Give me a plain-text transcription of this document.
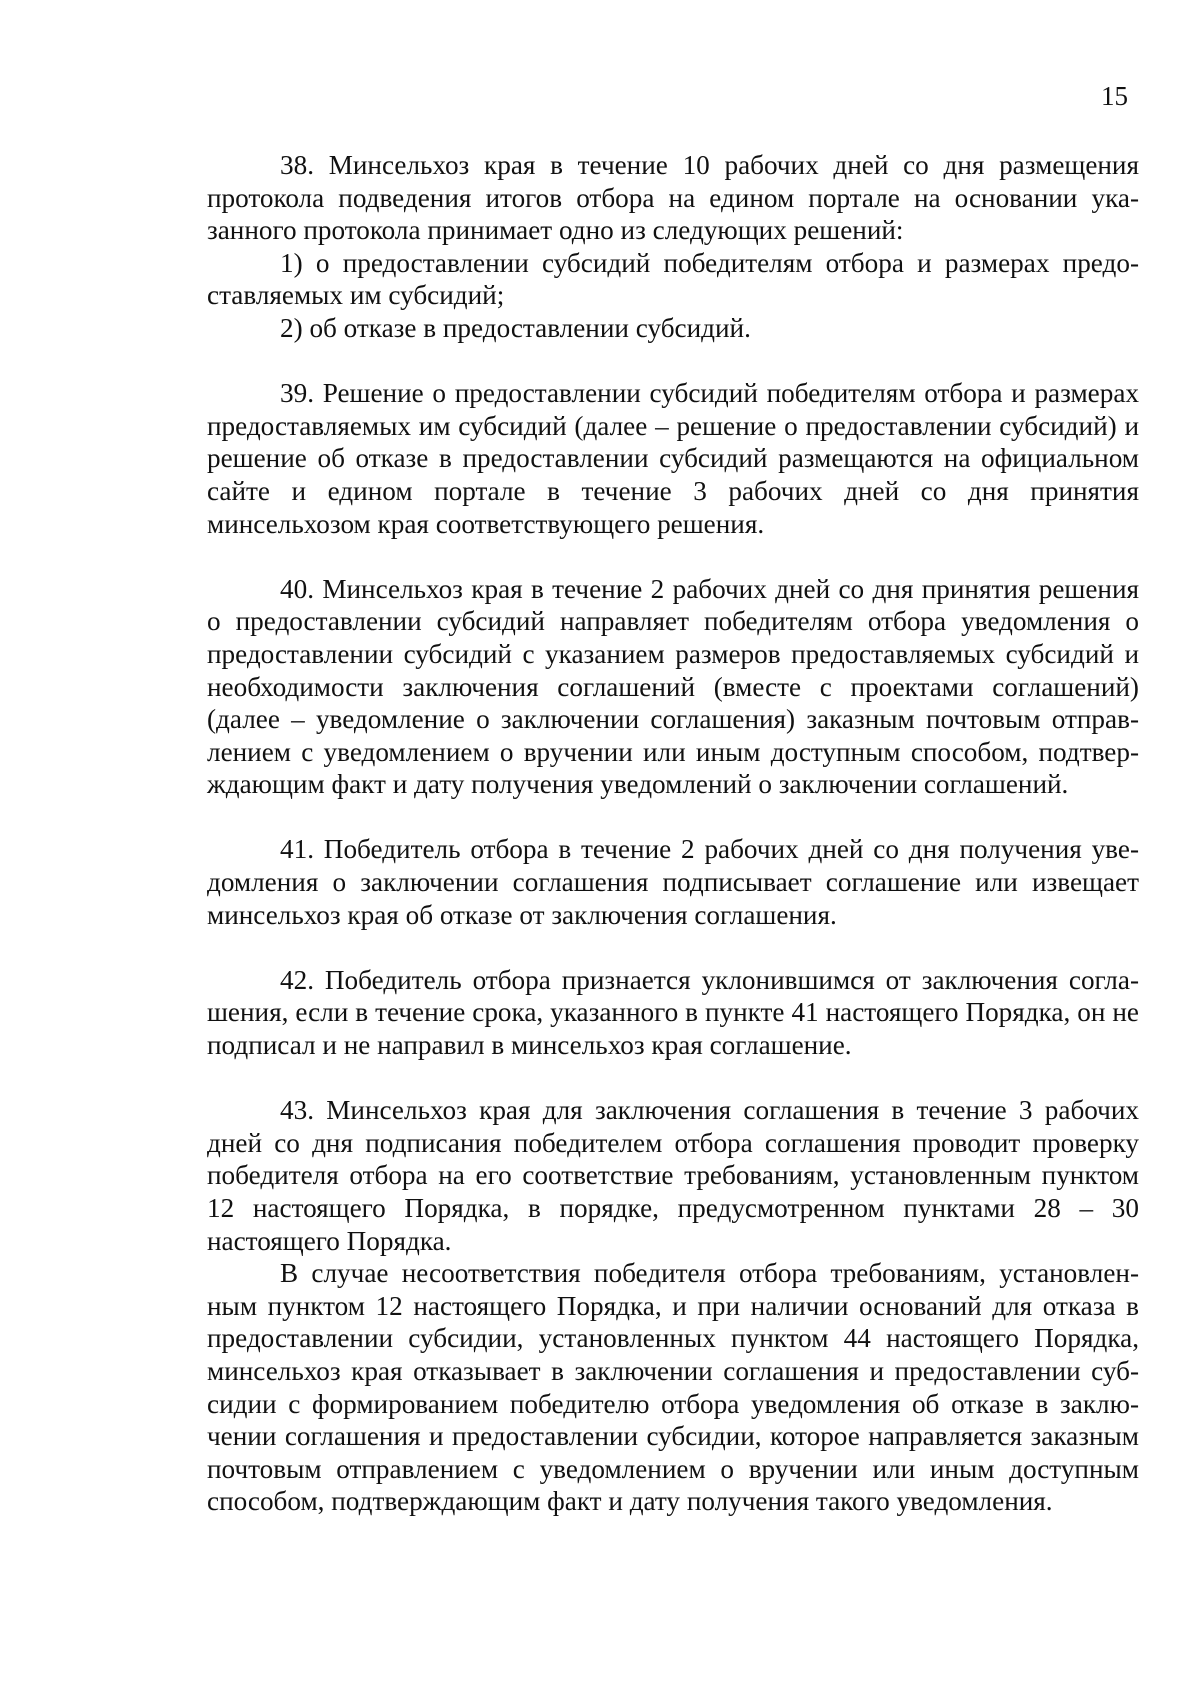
15

38. Минсельхоз края в течение 10 рабочих дней со дня размещения протокола подведения итогов отбора на едином портале на основании указанного протокола принимает одно из следующих решений:

1) о предоставлении субсидий победителям отбора и размерах предоставляемых им субсидий;

2) об отказе в предоставлении субсидий.

39. Решение о предоставлении субсидий победителям отбора и размерах предоставляемых им субсидий (далее – решение о предоставлении субсидий) и решение об отказе в предоставлении субсидий размещаются на официальном сайте и едином портале в течение 3 рабочих дней со дня принятия минсельхозом края соответствующего решения.

40. Минсельхоз края в течение 2 рабочих дней со дня принятия решения о предоставлении субсидий направляет победителям отбора уведомления о предоставлении субсидий с указанием размеров предоставляемых субсидий и необходимости заключения соглашений (вместе с проектами соглашений) (далее – уведомление о заключении соглашения) заказным почтовым отправлением с уведомлением о вручении или иным доступным способом, подтверждающим факт и дату получения уведомлений о заключении соглашений.

41. Победитель отбора в течение 2 рабочих дней со дня получения уведомления о заключении соглашения подписывает соглашение или извещает минсельхоз края об отказе от заключения соглашения.

42. Победитель отбора признается уклонившимся от заключения соглашения, если в течение срока, указанного в пункте 41 настоящего Порядка, он не подписал и не направил в минсельхоз края соглашение.

43. Минсельхоз края для заключения соглашения в течение 3 рабочих дней со дня подписания победителем отбора соглашения проводит проверку победителя отбора на его соответствие требованиям, установленным пунктом 12 настоящего Порядка, в порядке, предусмотренном пунктами 28 – 30 настоящего Порядка.

В случае несоответствия победителя отбора требованиям, установленным пунктом 12 настоящего Порядка, и при наличии оснований для отказа в предоставлении субсидии, установленных пунктом 44 настоящего Порядка, минсельхоз края отказывает в заключении соглашения и предоставлении субсидии с формированием победителю отбора уведомления об отказе в заключении соглашения и предоставлении субсидии, которое направляется заказным почтовым отправлением с уведомлением о вручении или иным доступным способом, подтверждающим факт и дату получения такого уведомления.
